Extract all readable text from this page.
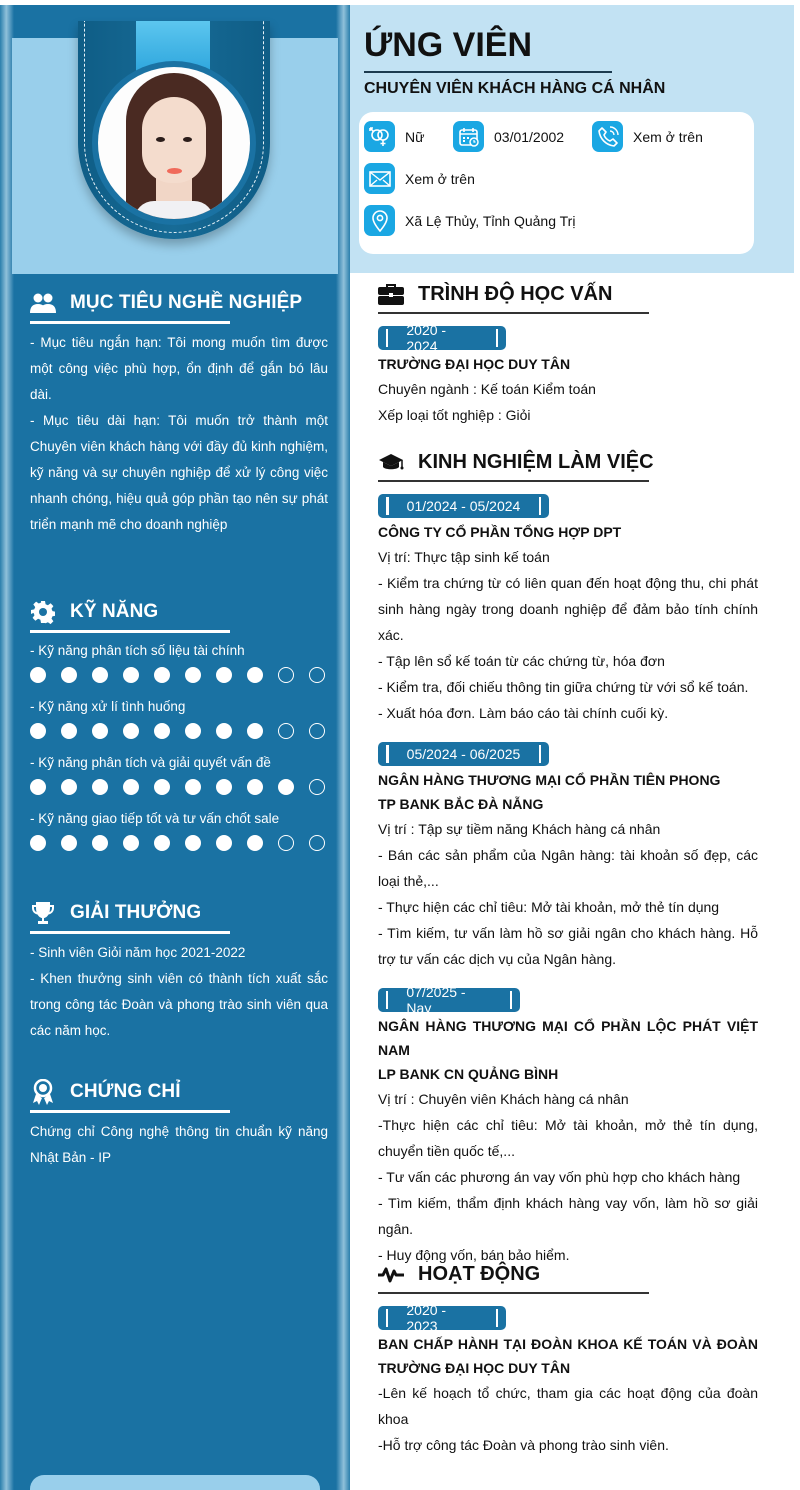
MỤC TIÊU NGHỀ NGHIỆP

- Mục tiêu ngắn hạn: Tôi mong muốn tìm được một công việc phù hợp, ổn định để gắn bó lâu dài.

- Mục tiêu dài hạn: Tôi muốn trở thành một Chuyên viên khách hàng với đầy đủ kinh nghiệm, kỹ năng và sự chuyên nghiệp để xử lý công việc nhanh chóng, hiệu quả góp phần tạo nên sự phát triển mạnh mẽ cho doanh nghiệp

KỸ NĂNG
- Kỹ năng phân tích số liệu tài chính
- Kỹ năng xử lí tình huống
- Kỹ năng phân tích và giải quyết vấn đề
- Kỹ năng giao tiếp tốt và tư vấn chốt sale
GIẢI THƯỞNG

- Sinh viên Giỏi năm học 2021-2022

- Khen thưởng sinh viên có thành tích xuất sắc trong công tác Đoàn và phong trào sinh viên qua các năm học.

CHỨNG CHỈ

Chứng chỉ Công nghệ thông tin chuẩn kỹ năng Nhật Bản - IP

ỨNG VIÊN
CHUYÊN VIÊN KHÁCH HÀNG CÁ NHÂN
Nữ	03/01/2002	Xem ở trên
Xem ở trên
Xã Lệ Thủy, Tỉnh Quảng Trị
TRÌNH ĐỘ HỌC VẤN
2020 - 2024
TRƯỜNG ĐẠI HỌC DUY TÂN
Chuyên ngành : Kế toán Kiểm toán
Xếp loại tốt nghiệp : Giỏi
KINH NGHIỆM LÀM VIỆC
01/2024 - 05/2024
CÔNG TY CỔ PHẦN TỔNG HỢP DPT
Vị trí: Thực tập sinh kế toán
- Kiểm tra chứng từ có liên quan đến hoạt động thu, chi phát sinh hàng ngày trong doanh nghiệp để đảm bảo tính chính xác.
- Tập lên sổ kế toán từ các chứng từ, hóa đơn
- Kiểm tra, đối chiếu thông tin giữa chứng từ với sổ kế toán.
- Xuất hóa đơn. Làm báo cáo tài chính cuối kỳ.
05/2024 - 06/2025
NGÂN HÀNG THƯƠNG MẠI CỔ PHẦN TIÊN PHONG
TP BANK BẮC ĐÀ NẴNG
Vị trí : Tập sự tiềm năng Khách hàng cá nhân
- Bán các sản phẩm của Ngân hàng: tài khoản số đẹp, các loại thẻ,...
- Thực hiện các chỉ tiêu: Mở tài khoản, mở thẻ tín dụng
- Tìm kiếm, tư vấn làm hồ sơ giải ngân cho khách hàng. Hỗ trợ tư vấn các dịch vụ của Ngân hàng.
07/2025 - Nay
NGÂN HÀNG THƯƠNG MẠI CỔ PHẦN LỘC PHÁT VIỆT NAM
LP BANK CN QUẢNG BÌNH
Vị trí : Chuyên viên Khách hàng cá nhân
-Thực hiện các chỉ tiêu: Mở tài khoản, mở thẻ tín dụng, chuyển tiền quốc tế,...
- Tư vấn các phương án vay vốn phù hợp cho khách hàng
- Tìm kiếm, thẩm định khách hàng vay vốn, làm hồ sơ giải ngân.
- Huy động vốn, bán bảo hiểm.
HOẠT ĐỘNG
2020 - 2023
BAN CHẤP HÀNH TẠI ĐOÀN KHOA KẾ TOÁN VÀ ĐOÀN TRƯỜNG ĐẠI HỌC DUY TÂN
-Lên kế hoạch tổ chức, tham gia các hoạt động của đoàn khoa
-Hỗ trợ công tác Đoàn và phong trào sinh viên.
